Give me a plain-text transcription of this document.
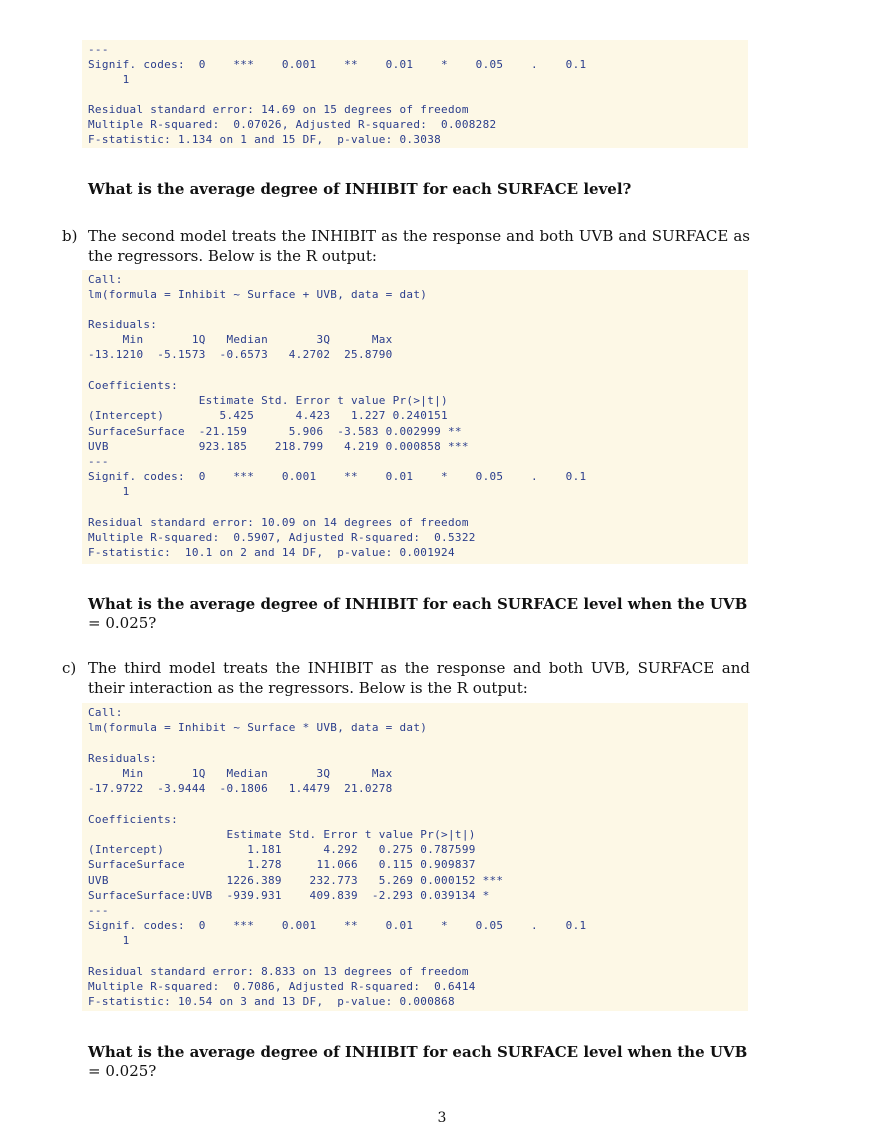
---
Signif. codes:  0    ***    0.001    **    0.01    *    0.05    .    0.1
1
Residual standard error: 14.69 on 15 degrees of freedom
Multiple R-squared:  0.07026, Adjusted R-squared:  0.008282
F-statistic: 1.134 on 1 and 15 DF,  p-value: 0.3038
What is the average degree of INHIBIT for each SURFACE level?
b) The second model treats the INHIBIT as the response and both UVB and SURFACE as the regressors. Below is the R output:
Call:
lm(formula = Inhibit ~ Surface + UVB, data = dat)
Residuals:
Min       1Q   Median       3Q      Max
-13.1210  -5.1573  -0.6573   4.2702  25.8790
Coefficients:
Estimate Std. Error t value Pr(>|t|)
(Intercept)        5.425      4.423   1.227 0.240151
SurfaceSurface  -21.159      5.906  -3.583 0.002999 **
UVB             923.185    218.799   4.219 0.000858 ***
---
Signif. codes:  0    ***    0.001    **    0.01    *    0.05    .    0.1
1
Residual standard error: 10.09 on 14 degrees of freedom
Multiple R-squared:  0.5907, Adjusted R-squared:  0.5322
F-statistic:  10.1 on 2 and 14 DF,  p-value: 0.001924
What is the average degree of INHIBIT for each SURFACE level when the UVB
= 0.025?
c) The third model treats the INHIBIT as the response and both UVB, SURFACE and their interaction as the regressors. Below is the R output:
Call:
lm(formula = Inhibit ~ Surface * UVB, data = dat)
Residuals:
Min       1Q   Median       3Q      Max
-17.9722  -3.9444  -0.1806   1.4479  21.0278
Coefficients:
Estimate Std. Error t value Pr(>|t|)
(Intercept)            1.181      4.292   0.275 0.787599
SurfaceSurface         1.278     11.066   0.115 0.909837
UVB                 1226.389    232.773   5.269 0.000152 ***
SurfaceSurface:UVB  -939.931    409.839  -2.293 0.039134 *
---
Signif. codes:  0    ***    0.001    **    0.01    *    0.05    .    0.1
1
Residual standard error: 8.833 on 13 degrees of freedom
Multiple R-squared:  0.7086, Adjusted R-squared:  0.6414
F-statistic: 10.54 on 3 and 13 DF,  p-value: 0.000868
What is the average degree of INHIBIT for each SURFACE level when the UVB
= 0.025?
3
